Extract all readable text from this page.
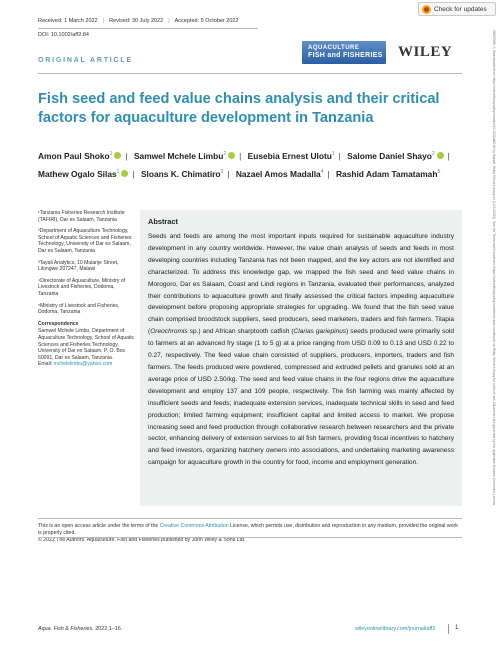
Check for updates
Received: 1 March 2022 | Revised: 30 July 2022 | Accepted: 5 October 2022
DOI: 10.1002/aff2.84
AQUACULTURE
FISH and FISHERIES WILEY
ORIGINAL ARTICLE
Fish seed and feed value chains analysis and their critical factors for aquaculture development in Tanzania
Amon Paul Shoko$^1$ | Samwel Mchele Limbu$^2$ | Eusebia Ernest Ulotu$^1$ | Salome Daniel Shayo$^2$ | Mathew Ogalo Silas$^1$ | Sloans K. Chimatiro$^3$ | Nazael Amos Madalla$^4$ | Rashid Adam Tamatamah$^5$

¹Tanzania Fisheries Research Institute (TAFIRI), Dar es Salaam, Tanzania

²Department of Aquaculture Technology, School of Aquatic Sciences and Fisheries Technology, University of Dar es Salaam, Dar es Salaam, Tanzania

³Tayali Analytics, 10 Mulanje Street, Lilongwe 207247, Malawi

⁴Directorate of Aquaculture, Ministry of Livestock and Fisheries, Dodoma, Tanzania

⁵Ministry of Livestock and Fisheries, Dodoma, Tanzania

Correspondence

Samwel Mchele Limbu, Department of Aquaculture Technology, School of Aquatic Sciences and Fisheries Technology, University of Dar es Salaam, P. O. Box 60091, Dar es Salaam, Tanzania.
Email: mchelelimbu@yahoo.com

Abstract

Seeds and feeds are among the most important inputs required for sustainable aquaculture industry development in any country worldwide. However, the value chain analysis of seeds and feeds in most developing countries including Tanzania has not been mapped, and the key actors are not identified and characterized. To address this knowledge gap, we mapped the fish seed and feed value chains in Morogoro, Dar es Salaam, Coast and Lindi regions in Tanzania, evaluated their performances, analyzed their contributions to aquaculture growth and finally assessed the critical factors impeding aquaculture development before proposing appropriate strategies for upgrading. We found that the fish seed value chain comprised broodstock suppliers, seed producers, seed marketers, traders and fish farmers. Tilapia (Oreochromis sp.) and African sharptooth catfish (Clarias gariepinus) seeds produced were primarily sold to farmers at an advanced fry stage (1 to 5 g) at a price ranging from USD 0.09 to 0.13 and USD 0.22 to 0.27, respectively. The feed value chain consisted of suppliers, producers, importers, traders and fish farmers. The feeds produced were powdered, compressed and extruded pellets and granules sold at an average price of USD 2.50/kg. The seed and feed value chains in the four regions drive the aquaculture development and employ 137 and 109 people, respectively. The fish farming was mainly affected by insufficient seeds and feeds; inadequate extension services, inadequate technical skills in seed and feed production; limited farming equipment; insufficient capital and limited access to market. We propose increasing seed and feed production through collaborative research between researchers and the private sector, enhancing delivery of extension services to all fish farmers, providing fiscal incentives to hatchery and feed investors, organizing hatchery owners into associations, and undertaking marketing awareness campaign for aquaculture growth in the country for food, income and employment generation.

This is an open access article under the terms of the Creative Commons Attribution License, which permits use, distribution and reproduction in any medium, provided the original work is properly cited.
© 2022 The Authors. Aquaculture, Fish and Fisheries published by John Wiley & Sons Ltd.
Aqua. Fish & Fisheries. 2022;1–16.	wileyonlinelibrary.com/journal/aff2	1
26933589, 0, Downloaded from https://onlinelibrary.wiley.com/doi/10.1002/aff2.84 by Malawi, Wiley Online Library on [14/11/2022]. See the Terms and Conditions (https://onlinelibrary.wiley.com/terms-and-conditions) on Wiley Online Library for rules of use; OA articles are governed by the applicable Creative Commons License
